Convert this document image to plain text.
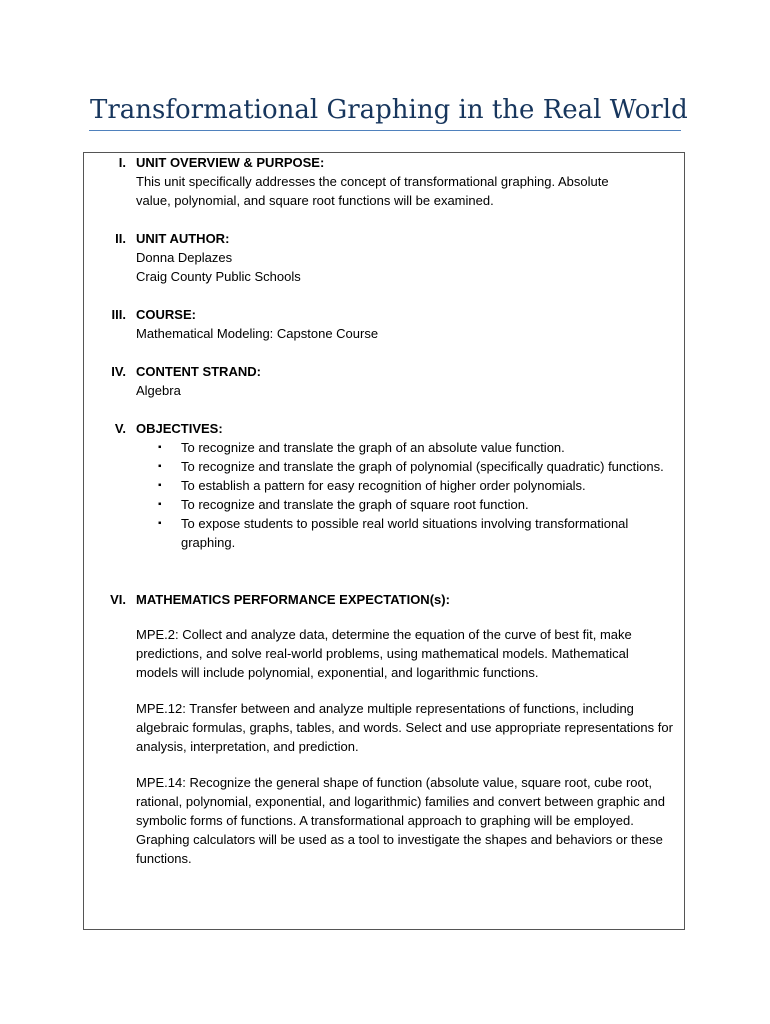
Transformational Graphing in the Real World
I. UNIT OVERVIEW & PURPOSE:
This unit specifically addresses the concept of transformational graphing. Absolute
value, polynomial, and square root functions will be examined.
II. UNIT AUTHOR:
Donna Deplazes
Craig County Public Schools
III. COURSE:
Mathematical Modeling: Capstone Course
IV. CONTENT STRAND:
Algebra
V. OBJECTIVES:
▪ To recognize and translate the graph of an absolute value function.
▪ To recognize and translate the graph of polynomial (specifically quadratic) functions.
▪ To establish a pattern for easy recognition of higher order polynomials.
▪ To recognize and translate the graph of square root function.
▪ To expose students to possible real world situations involving transformational graphing.
VI. MATHEMATICS PERFORMANCE EXPECTATION(s):
MPE.2: Collect and analyze data, determine the equation of the curve of best fit, make predictions, and solve real-world problems, using mathematical models. Mathematical models will include polynomial, exponential, and logarithmic functions.
MPE.12: Transfer between and analyze multiple representations of functions, including algebraic formulas, graphs, tables, and words. Select and use appropriate representations for analysis, interpretation, and prediction.
MPE.14: Recognize the general shape of function (absolute value, square root, cube root, rational, polynomial, exponential, and logarithmic) families and convert between graphic and symbolic forms of functions. A transformational approach to graphing will be employed. Graphing calculators will be used as a tool to investigate the shapes and behaviors or these functions.
